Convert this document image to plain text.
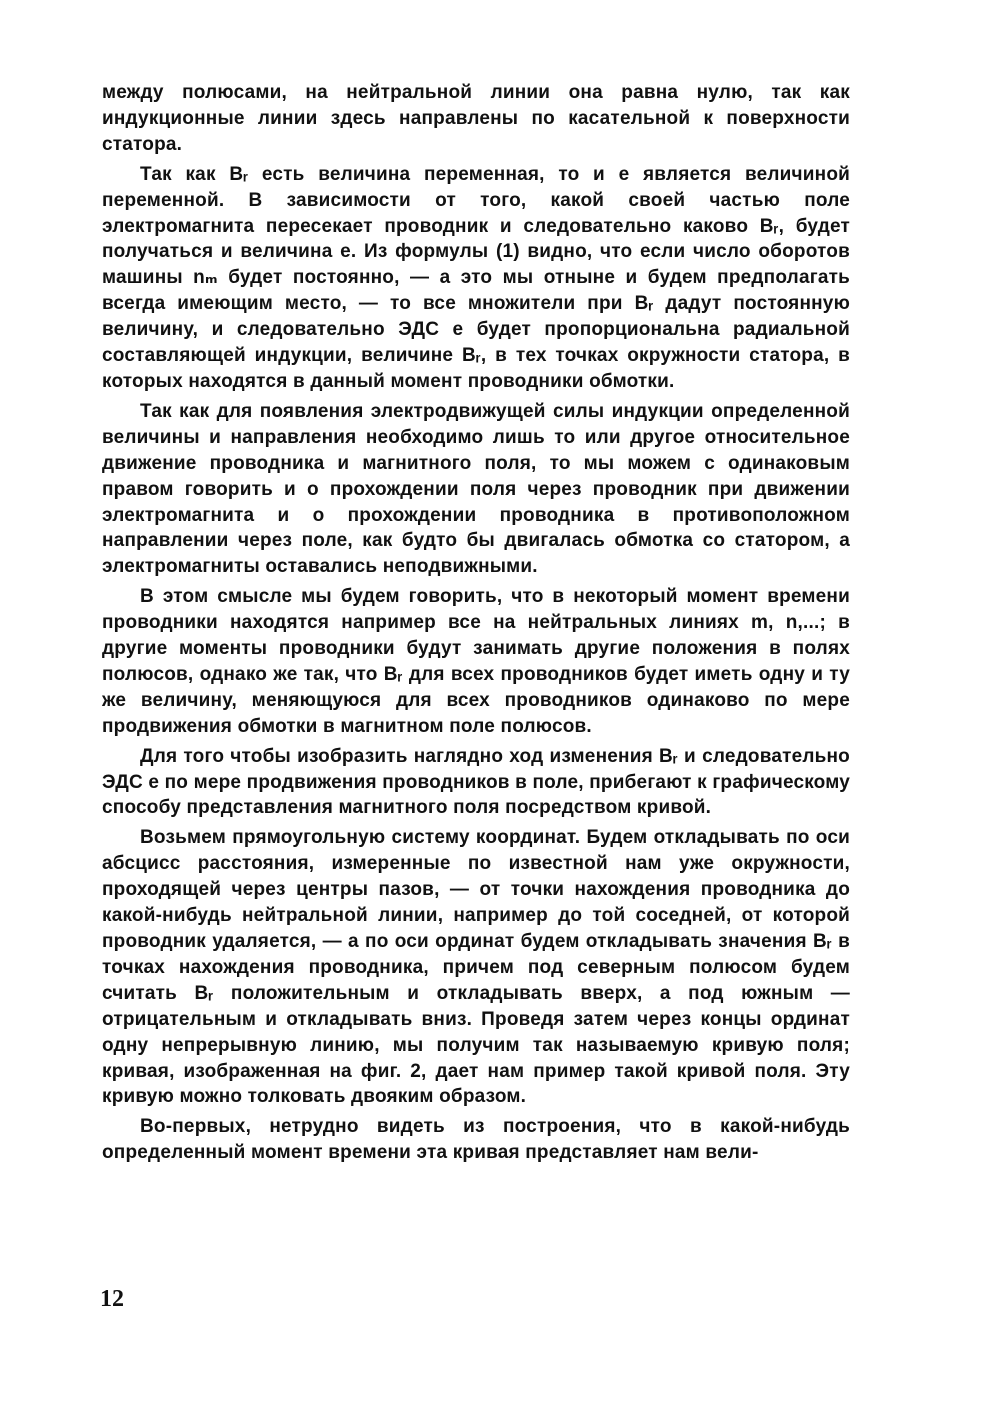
между полюсами, на нейтральной линии она равна нулю, так как индукционные линии здесь направлены по касательной к поверхности статора.

Так как Bᵣ есть величина переменная, то и e является величиной переменной. В зависимости от того, какой своей частью поле электромагнита пересекает проводник и следовательно каково Bᵣ, будет получаться и величина e. Из формулы (1) видно, что если число оборотов машины nₘ будет постоянно, — а это мы отныне и будем предполагать всегда имеющим место, — то все множители при Bᵣ дадут постоянную величину, и следовательно ЭДС e будет пропорциональна радиальной составляющей индукции, величине Bᵣ, в тех точках окружности статора, в которых находятся в данный момент проводники обмотки.

Так как для появления электродвижущей силы индукции определенной величины и направления необходимо лишь то или другое относительное движение проводника и магнитного поля, то мы можем с одинаковым правом говорить и о прохождении поля через проводник при движении электромагнита и о прохождении проводника в противоположном направлении через поле, как будто бы двигалась обмотка со статором, а электромагниты оставались неподвижными.

В этом смысле мы будем говорить, что в некоторый момент времени проводники находятся например все на нейтральных линиях m, n,...; в другие моменты проводники будут занимать другие положения в полях полюсов, однако же так, что Bᵣ для всех проводников будет иметь одну и ту же величину, меняющуюся для всех проводников одинаково по мере продвижения обмотки в магнитном поле полюсов.

Для того чтобы изобразить наглядно ход изменения Bᵣ и следовательно ЭДС e по мере продвижения проводников в поле, прибегают к графическому способу представления магнитного поля посредством кривой.

Возьмем прямоугольную систему координат. Будем откладывать по оси абсцисс расстояния, измеренные по известной нам уже окружности, проходящей через центры пазов, — от точки нахождения проводника до какой-нибудь нейтральной линии, например до той соседней, от которой проводник удаляется, — а по оси ординат будем откладывать значения Bᵣ в точках нахождения проводника, причем под северным полюсом будем считать Bᵣ положительным и откладывать вверх, а под южным — отрицательным и откладывать вниз. Проведя затем через концы ординат одну непрерывную линию, мы получим так называемую кривую поля; кривая, изображенная на фиг. 2, дает нам пример такой кривой поля. Эту кривую можно толковать двояким образом.

Во-первых, нетрудно видеть из построения, что в какой-нибудь определенный момент времени эта кривая представляет нам вели-

12
